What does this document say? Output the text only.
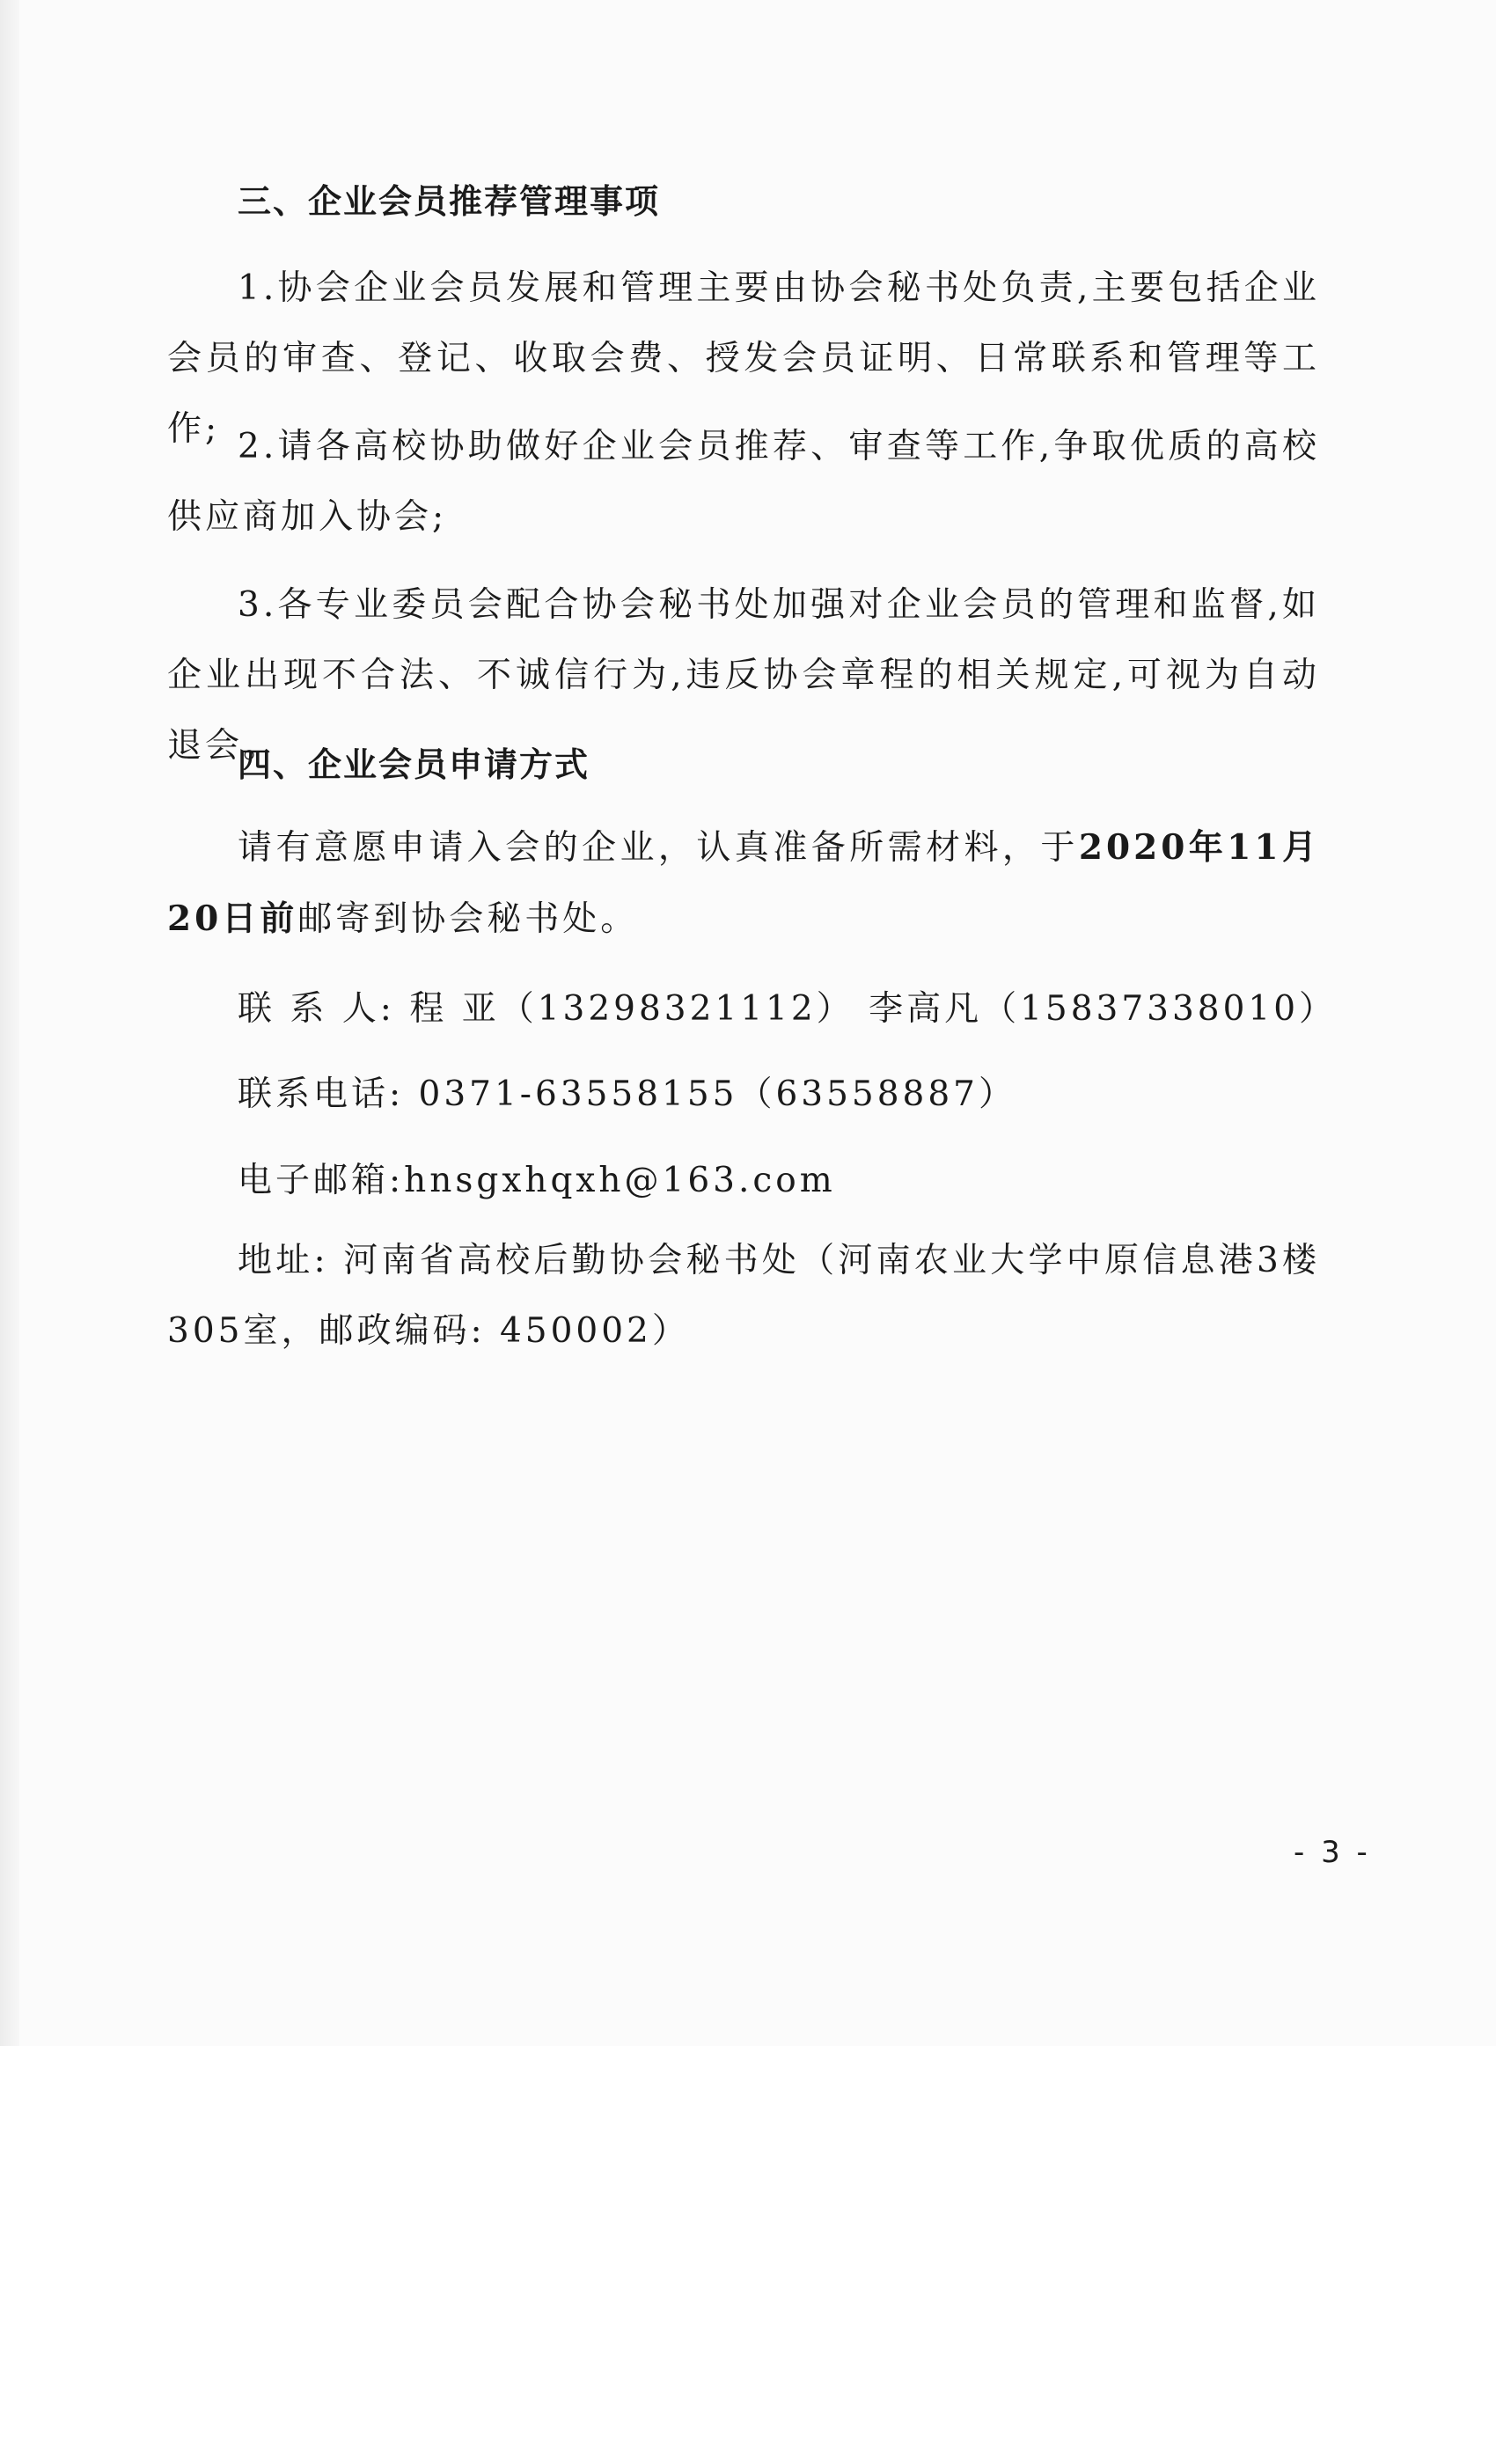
三、企业会员推荐管理事项
1.协会企业会员发展和管理主要由协会秘书处负责,主要包括企业会员的审查、登记、收取会费、授发会员证明、日常联系和管理等工作; 2.请各高校协助做好企业会员推荐、审查等工作,争取优质的高校供应商加入协会;
3.各专业委员会配合协会秘书处加强对企业会员的管理和监督,如企业出现不合法、不诚信行为,违反协会章程的相关规定,可视为自动退会。
四、企业会员申请方式
请有意愿申请入会的企业，认真准备所需材料，于2020年11月20日前邮寄到协会秘书处。
联 系 人: 程 亚（13298321112） 李高凡（15837338010）
联系电话: 0371-63558155（63558887）
电子邮箱:hnsgxhqxh@163.com
地址: 河南省高校后勤协会秘书处（河南农业大学中原信息港3楼305室，邮政编码: 450002）
- 3 -
